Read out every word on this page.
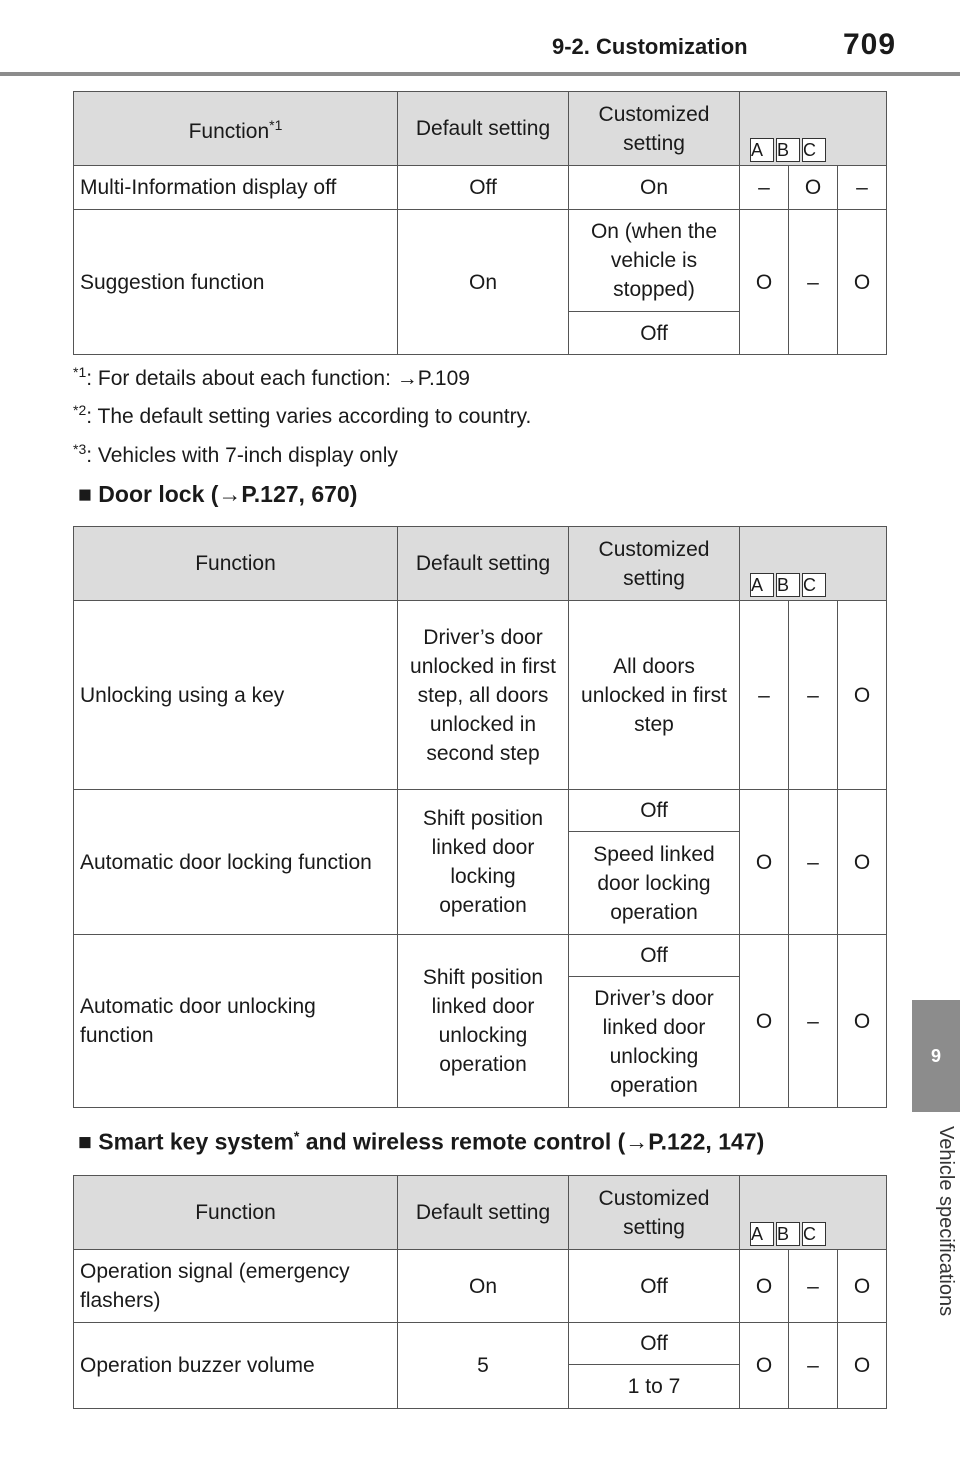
9-2. Customization	709
9
Vehicle specifications
Function$^{*1}$	Default setting	Customized setting	A B C		
Multi-Information display off	Off	On	–	O	–
Suggestion function	On	On (when the vehicle is stopped)	O	–	O
		Off			
$^{*1}$: For details about each function: →P.109
$^{*2}$: The default setting varies according to country.
$^{*3}$: Vehicles with 7-inch display only
■ Door lock (→P.127, 670)
Function	Default setting	Customized setting	A B C		
Unlocking using a key	Driver’s door unlocked in first step, all doors unlocked in second step	All doors unlocked in first step	–	–	O
Automatic door locking function	Shift position linked door locking operation	Off	O	–	O
		Speed linked door locking operation			
Automatic door unlocking function	Shift position linked door unlocking operation	Off	O	–	O
		Driver’s door linked door unlocking operation			
■ Smart key system* and wireless remote control (→P.122, 147)
Function	Default setting	Customized setting	A B C		
Operation signal (emergency flashers)	On	Off	O	–	O
Operation buzzer volume	5	Off	O	–	O
		1 to 7			
